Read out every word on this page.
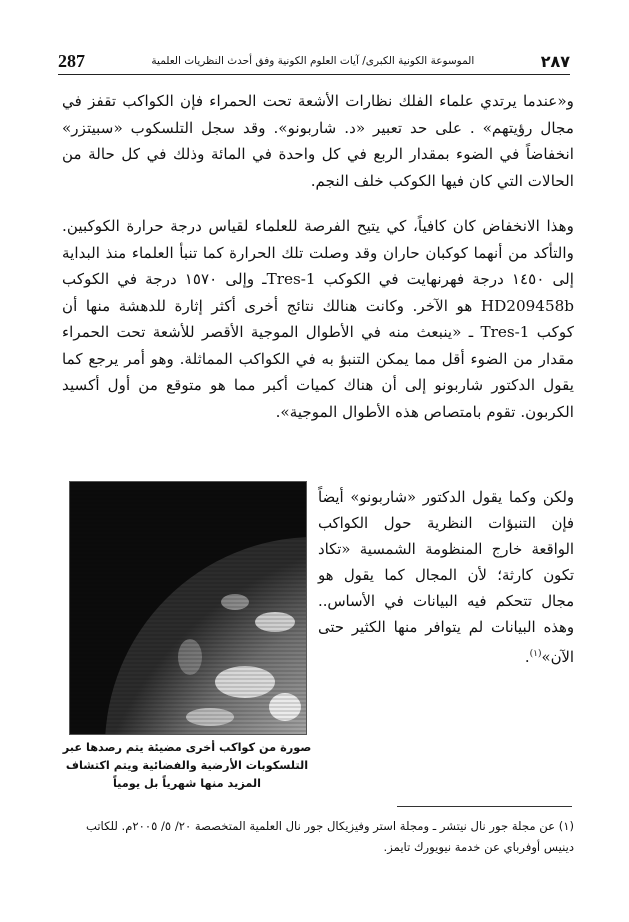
287	الموسوعة الكونية الكبرى/ آيات العلوم الكونية وفق أحدث النظريات العلمية	٢٨٧

و«عندما يرتدي علماء الفلك نظارات الأشعة تحت الحمراء فإن الكواكب تقفز في مجال رؤيتهم» . على حد تعبير «د. شاربونو». وقد سجل التلسكوب «سبيتزر» انخفاضاً في الضوء بمقدار الربع في كل واحدة في المائة وذلك في كل حالة من الحالات التي كان فيها الكوكب خلف النجم.

وهذا الانخفاض كان كافياً، كي يتيح الفرصة للعلماء لقياس درجة حرارة الكوكبين. والتأكد من أنهما كوكبان حاران وقد وصلت تلك الحرارة كما تنبأ العلماء منذ البداية إلى ١٤٥٠ درجة فهرنهايت في الكوكب Tres-1ـ وإلى ١٥٧٠ درجة في الكوكب HD209458b هو الآخر. وكانت هنالك نتائج أخرى أكثر إثارة للدهشة منها أن كوكب Tres-1 ـ «ينبعث منه في الأطوال الموجية الأقصر للأشعة تحت الحمراء مقدار من الضوء أقل مما يمكن التنبؤ به في الكواكب المماثلة. وهو أمر يرجع كما يقول الدكتور شاربونو إلى أن هناك كميات أكبر مما هو متوقع من أول أكسيد الكربون. تقوم بامتصاص هذه الأطوال الموجية».

ولكن وكما يقول الدكتور «شاربونو» أيضاً فإن التنبؤات النظرية حول الكواكب الواقعة خارج المنظومة الشمسية «تكاد تكون كارثة؛ لأن المجال كما يقول هو مجال تتحكم فيه البيانات في الأساس.. وهذه البيانات لم يتوافر منها الكثير حتى الآن»$^{(١)}$.

صورة من كواكب أخرى مضيئة يتم رصدها عبر التلسكوبات الأرضية والفضائية ويتم اكتشاف المزيد منها شهرياً بل يومياً
(١) عن مجلة جور نال نيتشر ـ ومجلة استر وفيزيكال جور نال العلمية المتخصصة ٢٠/ ٥/ ٢٠٠٥م. للكاتب دينيس أوفرباي عن خدمة نيويورك تايمز.
